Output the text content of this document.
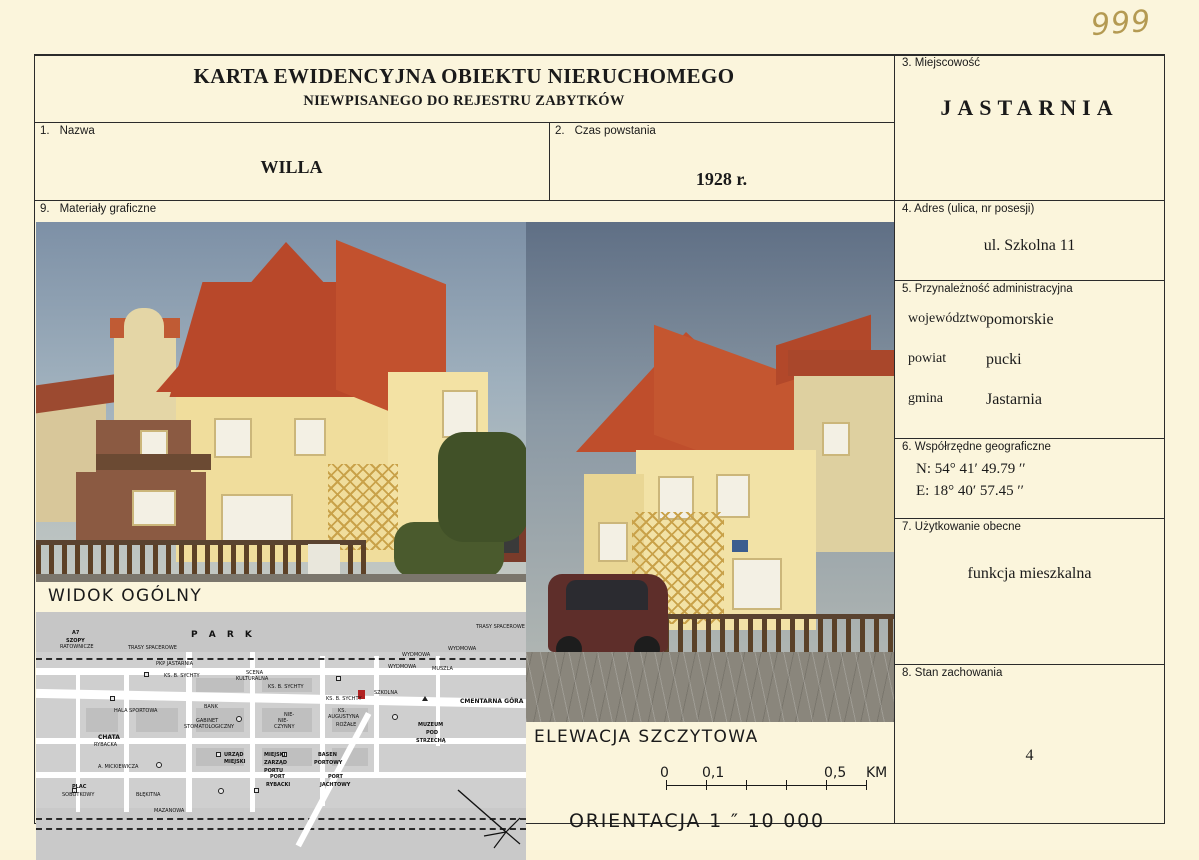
999
KARTA EWIDENCYJNA OBIEKTU NIERUCHOMEGO
NIEWPISANEGO DO REJESTRU ZABYTKÓW
1. Nazwa
WILLA
2. Czas powstania
1928 r.
9. Materiały graficzne
WIDOK OGÓLNY
ELEWACJA SZCZYTOWA
P A R K
TRASY SPACEROWE
TRASY SPACEROWE
A7
SZOPY
RATOWNICZE
PKP JASTARNIA
KS. B. SYCHTY
KS. B. SYCHTY
KS. B. SYCHTY
WYDMOWA
WYDMOWA
WYDMOWA
SCENA
KULTURALNA
CMENTARNA GÓRA
SZKOLNA
BANK
GABINET
STOMATOLOGICZNY
HALA SPORTOWA
CHATA
RYBACKA
A. MICKIEWICZA
MIEJSKI
ZARZĄD
PORTU
URZĄD
MIEJSKI
BASEN
PORTOWY
PORT
JACHTOWY
PORT
RYBACKI
PLAC
SOBÓTKOWY	BŁĘKITNA
MAZANOWA
MUZEUM
POD
STRZECHĄ
ROŻAŁE
KS.
AUGUSTYNA
NIE-
NIE-
CZYNNY
MUSZLA
0 0,1	0,5 KM
ORIENTACJA 1 ″ 10 000
3. Miejscowość
JASTARNIA
4. Adres (ulica, nr posesji)
ul. Szkolna 11
5. Przynależność administracyjna
województwo pomorskie
powiat	pucki
gmina	Jastarnia
6. Współrzędne geograficzne
N: 54° 41′ 49.79 ′′
E: 18° 40′ 57.45 ′′
7. Użytkowanie obecne
funkcja mieszkalna
8. Stan zachowania
4
